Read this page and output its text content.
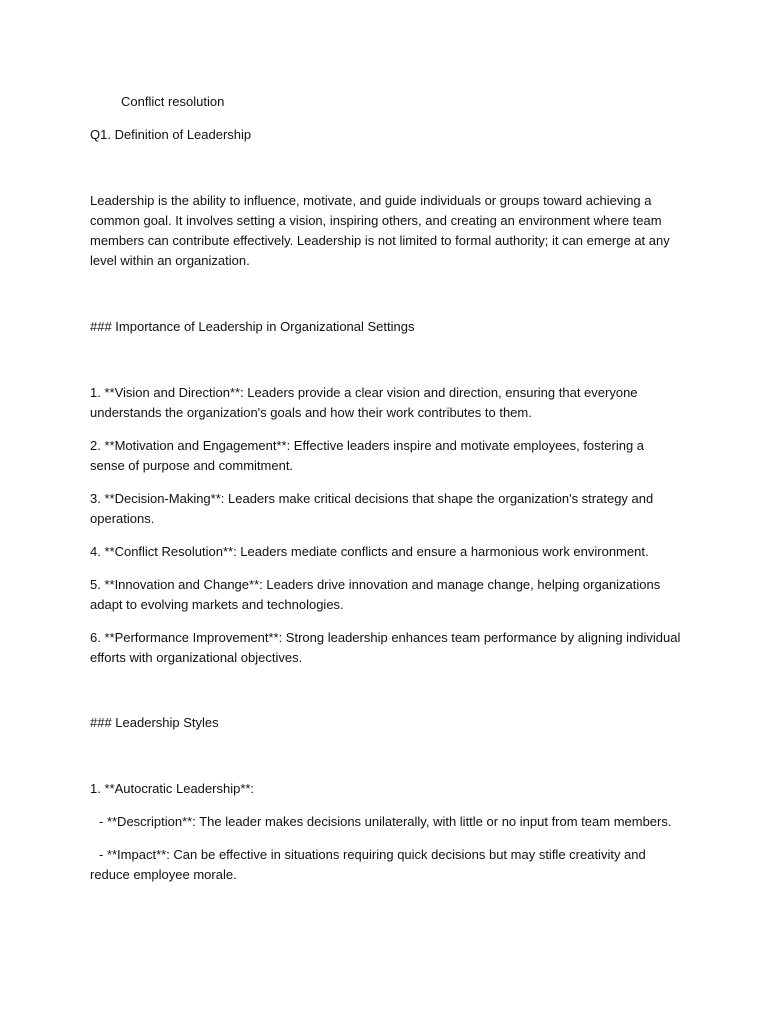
Conflict resolution

Q1. Definition of Leadership

Leadership is the ability to influence, motivate, and guide individuals or groups toward achieving a common goal. It involves setting a vision, inspiring others, and creating an environment where team members can contribute effectively. Leadership is not limited to formal authority; it can emerge at any level within an organization.

### Importance of Leadership in Organizational Settings

1. **Vision and Direction**: Leaders provide a clear vision and direction, ensuring that everyone understands the organization's goals and how their work contributes to them.

2. **Motivation and Engagement**: Effective leaders inspire and motivate employees, fostering a sense of purpose and commitment.

3. **Decision-Making**: Leaders make critical decisions that shape the organization's strategy and operations.

4. **Conflict Resolution**: Leaders mediate conflicts and ensure a harmonious work environment.

5. **Innovation and Change**: Leaders drive innovation and manage change, helping organizations adapt to evolving markets and technologies.

6. **Performance Improvement**: Strong leadership enhances team performance by aligning individual efforts with organizational objectives.

### Leadership Styles

1. **Autocratic Leadership**:

- **Description**: The leader makes decisions unilaterally, with little or no input from team members.

- **Impact**: Can be effective in situations requiring quick decisions but may stifle creativity and reduce employee morale.
